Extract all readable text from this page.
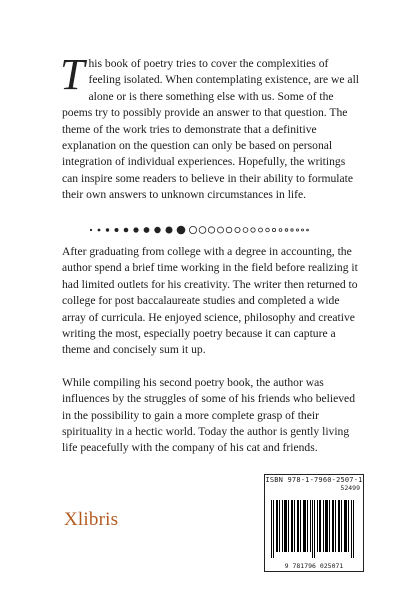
T his book of poetry tries to cover the complexities of feeling isolated. When contemplating existence, are we all alone or is there something else with us. Some of the poems try to possibly provide an answer to that question. The theme of the work tries to demonstrate that a definitive explanation on the question can only be based on personal integration of individual experiences. Hopefully, the writings can inspire some readers to believe in their ability to formulate their own answers to unknown circumstances in life.

After graduating from college with a degree in accounting, the author spend a brief time working in the field before realizing it had limited outlets for his creativity. The writer then returned to college for post baccalaureate studies and completed a wide array of curricula. He enjoyed science, philosophy and creative writing the most, especially poetry because it can capture a theme and concisely sum it up.

While compiling his second poetry book, the author was influences by the struggles of some of his friends who believed in the possibility to gain a more complete grasp of their spirituality in a hectic world. Today the author is gently living life peacefully with the company of his cat and friends.

Xlibris
ISBN 978-1-7960-2507-1
52499
9 781796 025071
